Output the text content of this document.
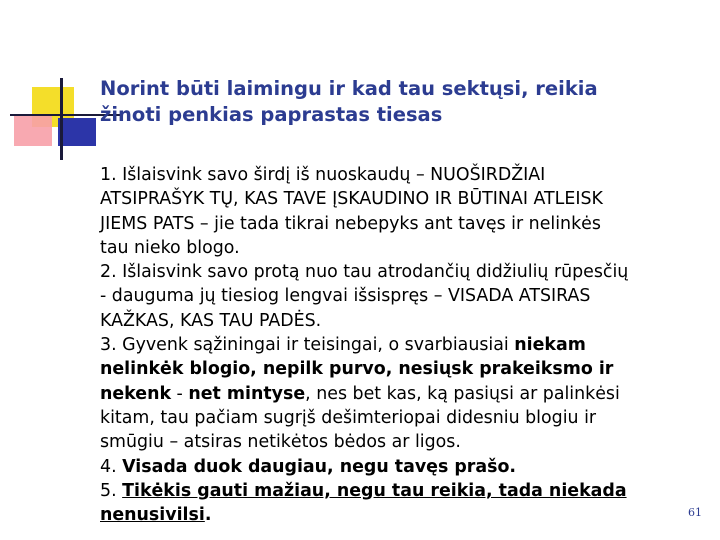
Norint būti laimingu ir kad tau sektųsi, reikia
žinoti penkias paprastas tiesas

1. Išlaisvink savo širdį iš nuoskaudų – NUOŠIRDŽIAI
ATSIPRAŠYK TŲ, KAS TAVE ĮSKAUDINO IR BŪTINAI ATLEISK
JIEMS PATS – jie tada tikrai nebepyks ant tavęs ir nelinkės
tau nieko blogo.

2. Išlaisvink savo protą nuo tau atrodančių didžiulių rūpesčių
- dauguma jų tiesiog lengvai išsispręs – VISADA ATSIRAS
KAŽKAS, KAS TAU PADĖS.

3. Gyvenk sąžiningai ir teisingai, o svarbiausiai niekam
nelinkėk blogio, nepilk purvo, nesiųsk prakeiksmo ir
nekenk - net mintyse, nes bet kas, ką pasiųsi ar palinkėsi
kitam, tau pačiam sugrįš dešimteriopai didesniu blogiu ir
smūgiu – atsiras netikėtos bėdos ar ligos.

4. Visada duok daugiau, negu tavęs prašo.

5. Tikėkis gauti mažiau, negu tau reikia, tada niekada
nenusivilsi.	61
